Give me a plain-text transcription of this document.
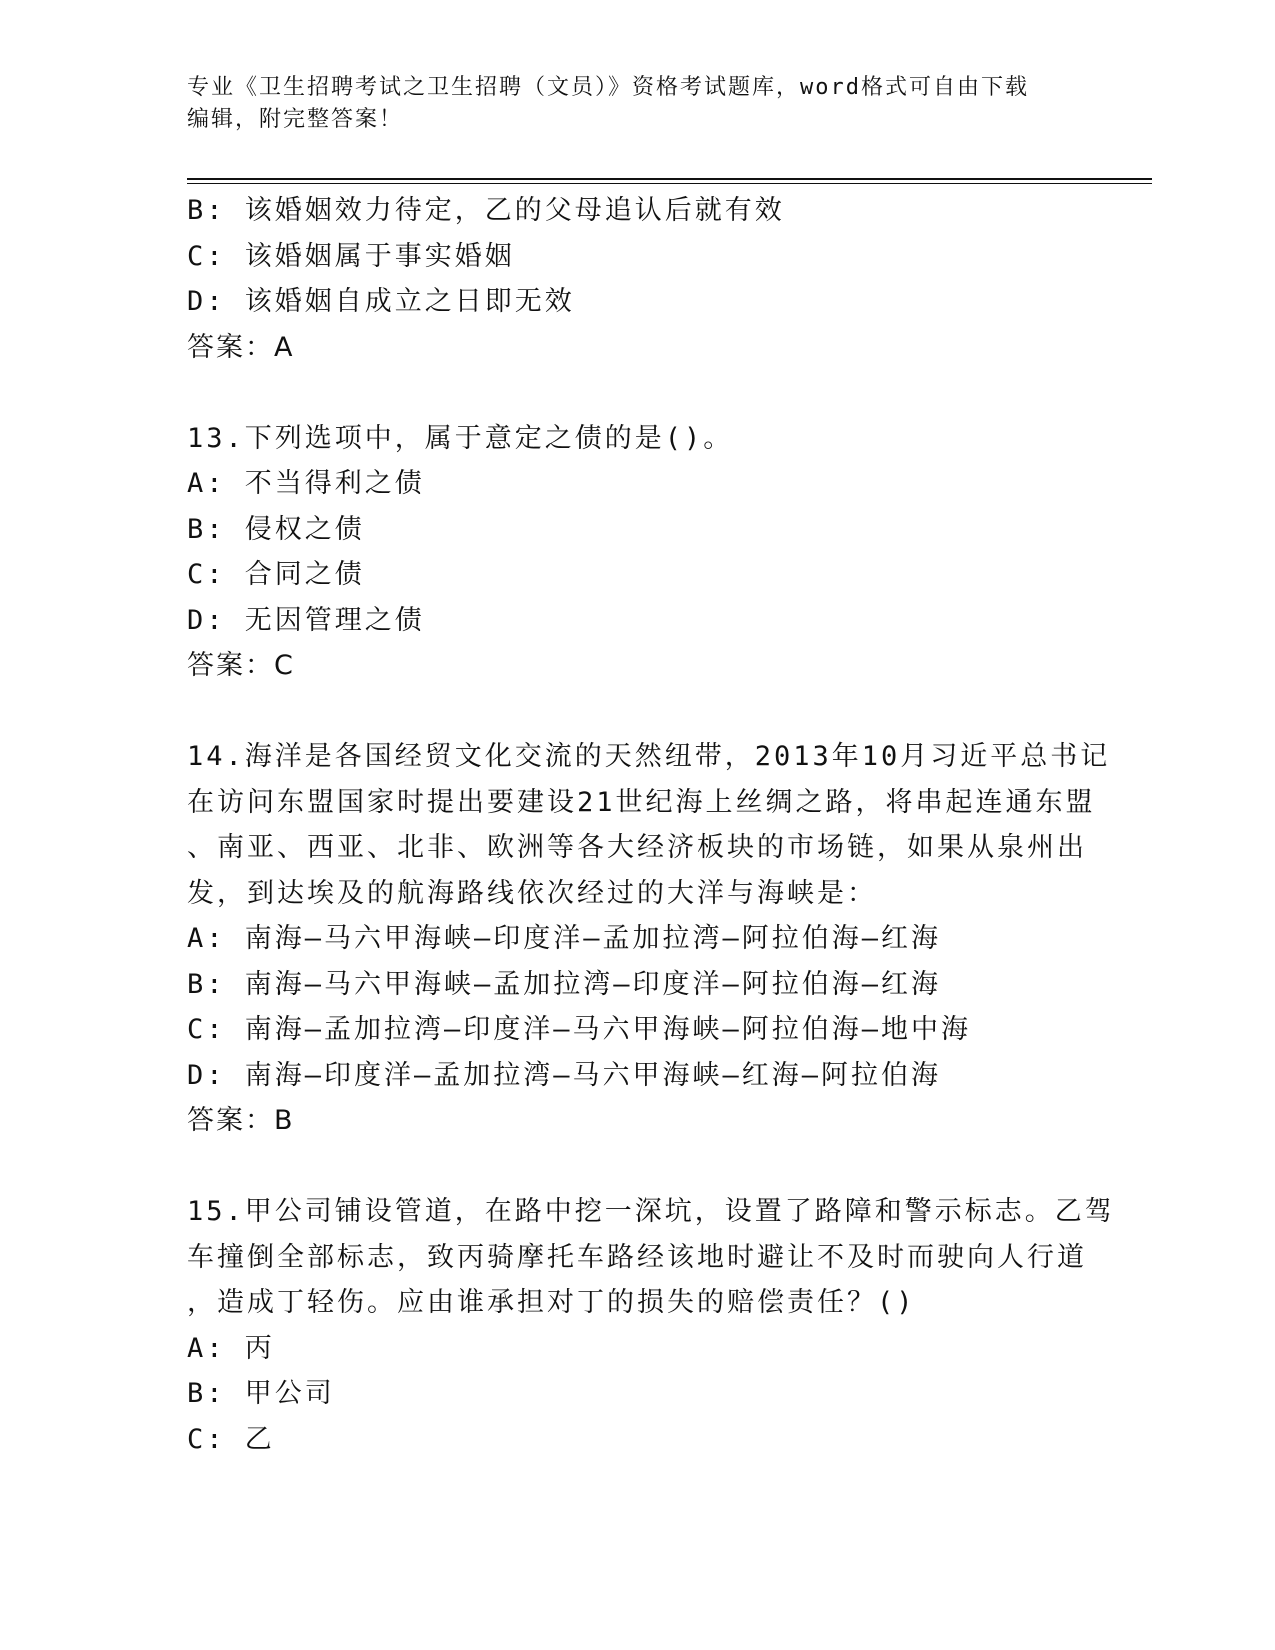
专业《卫生招聘考试之卫生招聘（文员）》资格考试题库，word格式可自由下载
编辑，附完整答案！
B: 该婚姻效力待定，乙的父母追认后就有效
C: 该婚姻属于事实婚姻
D: 该婚姻自成立之日即无效
答案：A
13.下列选项中，属于意定之债的是()。
A: 不当得利之债
B: 侵权之债
C: 合同之债
D: 无因管理之债
答案：C
14.海洋是各国经贸文化交流的天然纽带，2013年10月习近平总书记
在访问东盟国家时提出要建设21世纪海上丝绸之路，将串起连通东盟
、南亚、西亚、北非、欧洲等各大经济板块的市场链，如果从泉州出
发，到达埃及的航海路线依次经过的大洋与海峡是：
A: 南海—马六甲海峡—印度洋—孟加拉湾—阿拉伯海—红海
B: 南海—马六甲海峡—孟加拉湾—印度洋—阿拉伯海—红海
C: 南海—孟加拉湾—印度洋—马六甲海峡—阿拉伯海—地中海
D: 南海—印度洋—孟加拉湾—马六甲海峡—红海—阿拉伯海
答案：B
15.甲公司铺设管道，在路中挖一深坑，设置了路障和警示标志。乙驾
车撞倒全部标志，致丙骑摩托车路经该地时避让不及时而驶向人行道
，造成丁轻伤。应由谁承担对丁的损失的赔偿责任？()
A: 丙
B: 甲公司
C: 乙
